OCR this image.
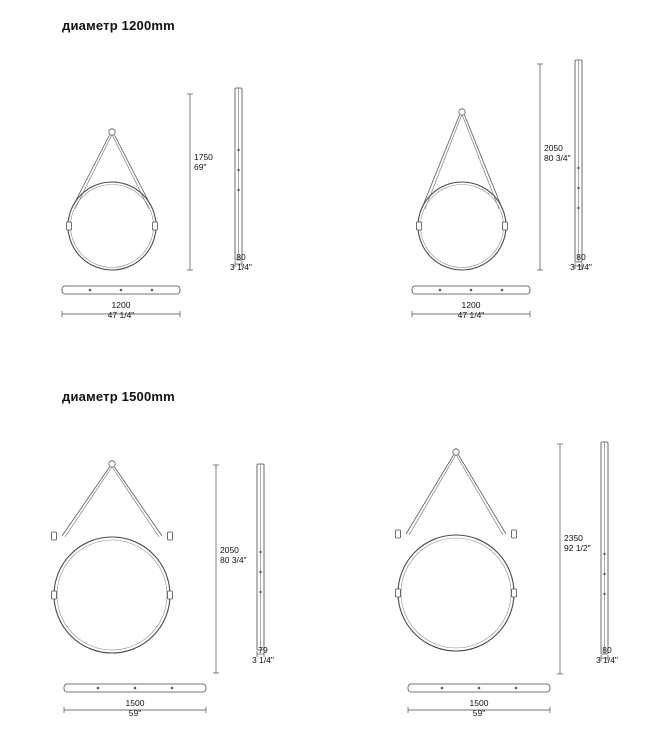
диаметр 1200mm
1750
69"
80
3 1/4"
1200
47 1/4"
2050
80 3/4"
80
3 1/4"
1200
47 1/4"
диаметр 1500mm
2050
80 3/4"
79
3 1/4"
1500
59"
2350
92 1/2"
80
3 1/4"
1500
59"
